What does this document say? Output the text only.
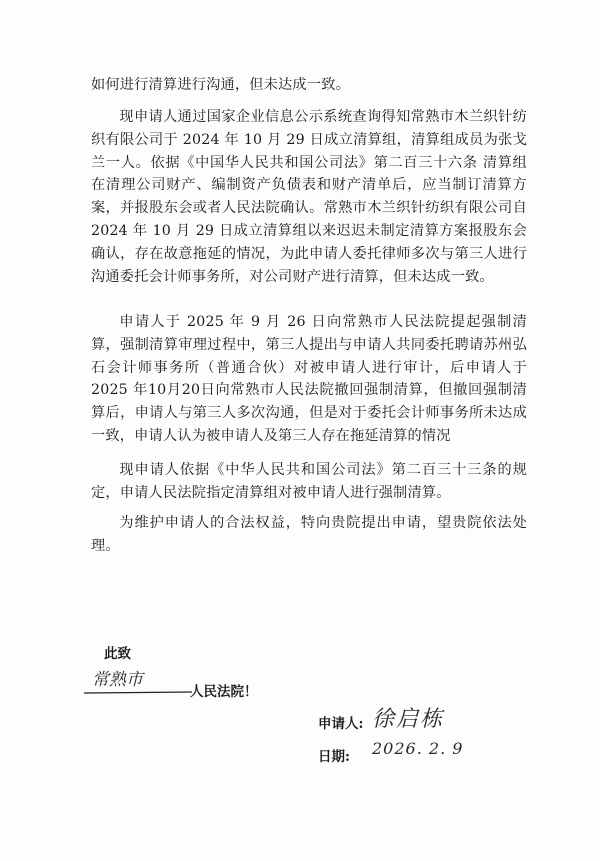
如何进行清算进行沟通，但未达成一致。

现申请人通过国家企业信息公示系统查询得知常熟市木兰织针纺织有限公司于 2024 年 10 月 29 日成立清算组，清算组成员为张戈兰一人。依据《中国华人民共和国公司法》第二百三十六条 清算组在清理公司财产、编制资产负债表和财产清单后，应当制订清算方案，并报股东会或者人民法院确认。常熟市木兰织针纺织有限公司自 2024 年 10 月 29 日成立清算组以来迟迟未制定清算方案报股东会确认，存在故意拖延的情况，为此申请人委托律师多次与第三人进行沟通委托会计师事务所，对公司财产进行清算，但未达成一致。

申请人于 2025 年 9 月 26 日向常熟市人民法院提起强制清算，强制清算审理过程中，第三人提出与申请人共同委托聘请苏州弘石会计师事务所（普通合伙）对被申请人进行审计，后申请人于 2025 年10月20日向常熟市人民法院撤回强制清算，但撤回强制清算后，申请人与第三人多次沟通，但是对于委托会计师事务所未达成一致，申请人认为被申请人及第三人存在拖延清算的情况

现申请人依据《中华人民共和国公司法》第二百三十三条的规定，申请人民法院指定清算组对被申请人进行强制清算。

为维护申请人的合法权益，特向贵院提出申请，望贵院依法处理。

此致
常熟市
人民法院！
申请人: 徐启栋
日期: 2026. 2. 9
